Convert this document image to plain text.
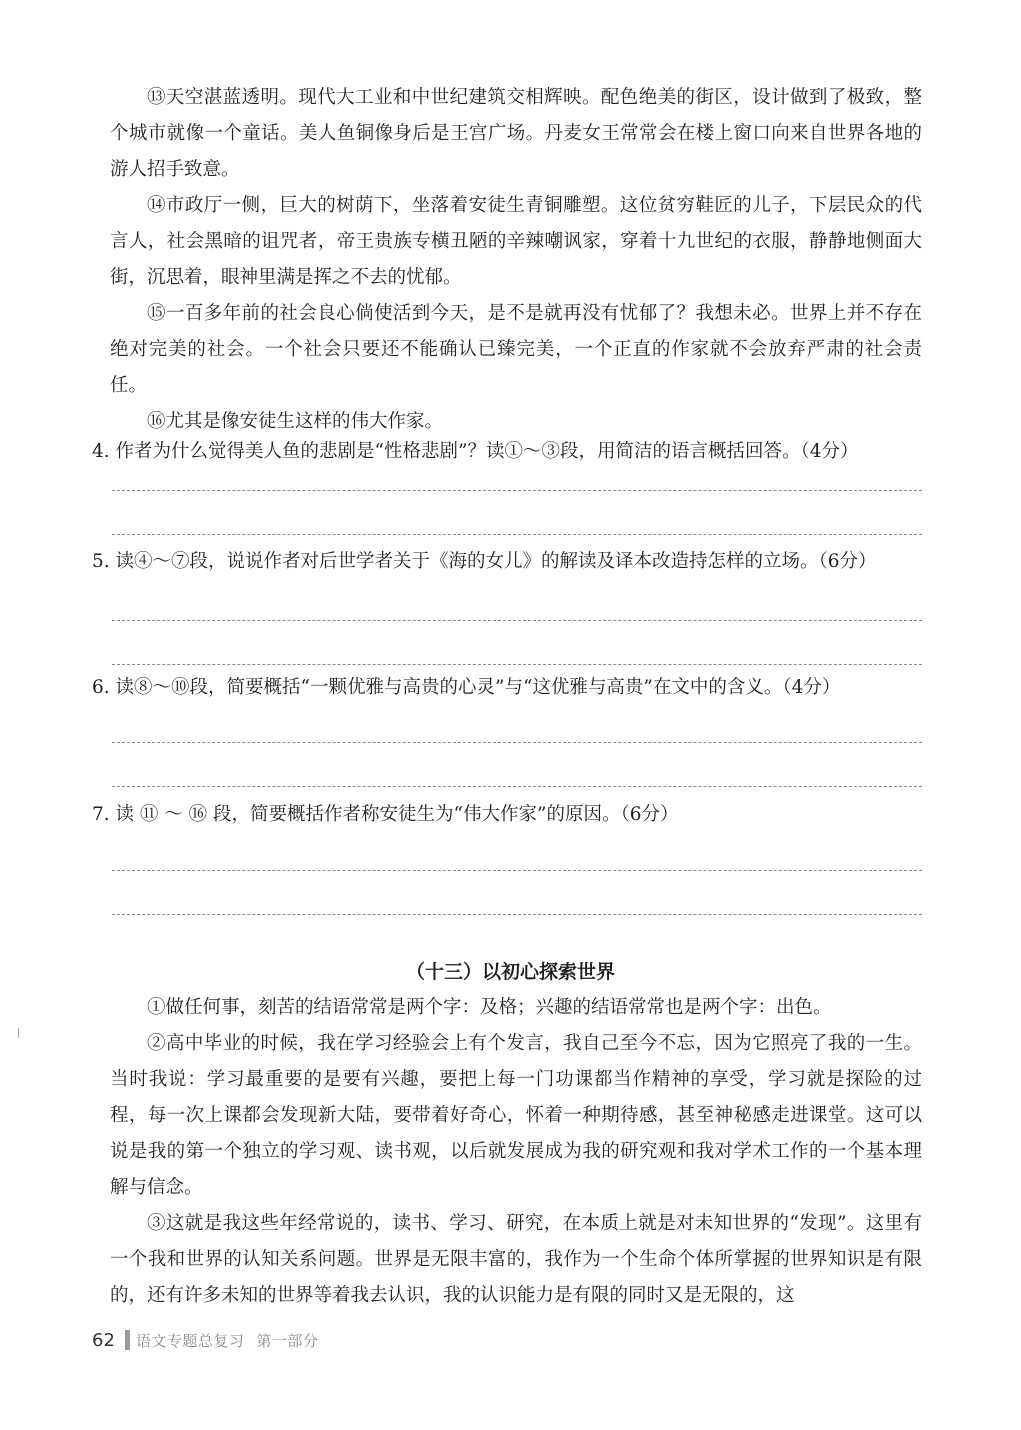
⑬天空湛蓝透明。现代大工业和中世纪建筑交相辉映。配色绝美的街区，设计做到了极致，整个城市就像一个童话。美人鱼铜像身后是王宫广场。丹麦女王常常会在楼上窗口向来自世界各地的游人招手致意。

⑭市政厅一侧，巨大的树荫下，坐落着安徒生青铜雕塑。这位贫穷鞋匠的儿子，下层民众的代言人，社会黑暗的诅咒者，帝王贵族专横丑陋的辛辣嘲讽家，穿着十九世纪的衣服，静静地侧面大街，沉思着，眼神里满是挥之不去的忧郁。

⑮一百多年前的社会良心倘使活到今天，是不是就再没有忧郁了？我想未必。世界上并不存在绝对完美的社会。一个社会只要还不能确认已臻完美，一个正直的作家就不会放弃严肃的社会责任。

⑯尤其是像安徒生这样的伟大作家。

4. 作者为什么觉得美人鱼的悲剧是“性格悲剧”？读①～③段，用简洁的语言概括回答。（4分）

5. 读④～⑦段，说说作者对后世学者关于《海的女儿》的解读及译本改造持怎样的立场。（6分）

6. 读⑧～⑩段，简要概括“一颗优雅与高贵的心灵”与“这优雅与高贵”在文中的含义。（4分）

7. 读 ⑪ ～ ⑯ 段，简要概括作者称安徒生为“伟大作家”的原因。（6分）

（十三）以初心探索世界

①做任何事，刻苦的结语常常是两个字：及格；兴趣的结语常常也是两个字：出色。

②高中毕业的时候，我在学习经验会上有个发言，我自己至今不忘，因为它照亮了我的一生。当时我说：学习最重要的是要有兴趣，要把上每一门功课都当作精神的享受，学习就是探险的过程，每一次上课都会发现新大陆，要带着好奇心，怀着一种期待感，甚至神秘感走进课堂。这可以说是我的第一个独立的学习观、读书观，以后就发展成为我的研究观和我对学术工作的一个基本理解与信念。

③这就是我这些年经常说的，读书、学习、研究，在本质上就是对未知世界的“发现”。这里有一个我和世界的认知关系问题。世界是无限丰富的，我作为一个生命个体所掌握的世界知识是有限的，还有许多未知的世界等着我去认识，我的认识能力是有限的同时又是无限的，这

62 语文专题总复习 第一部分
